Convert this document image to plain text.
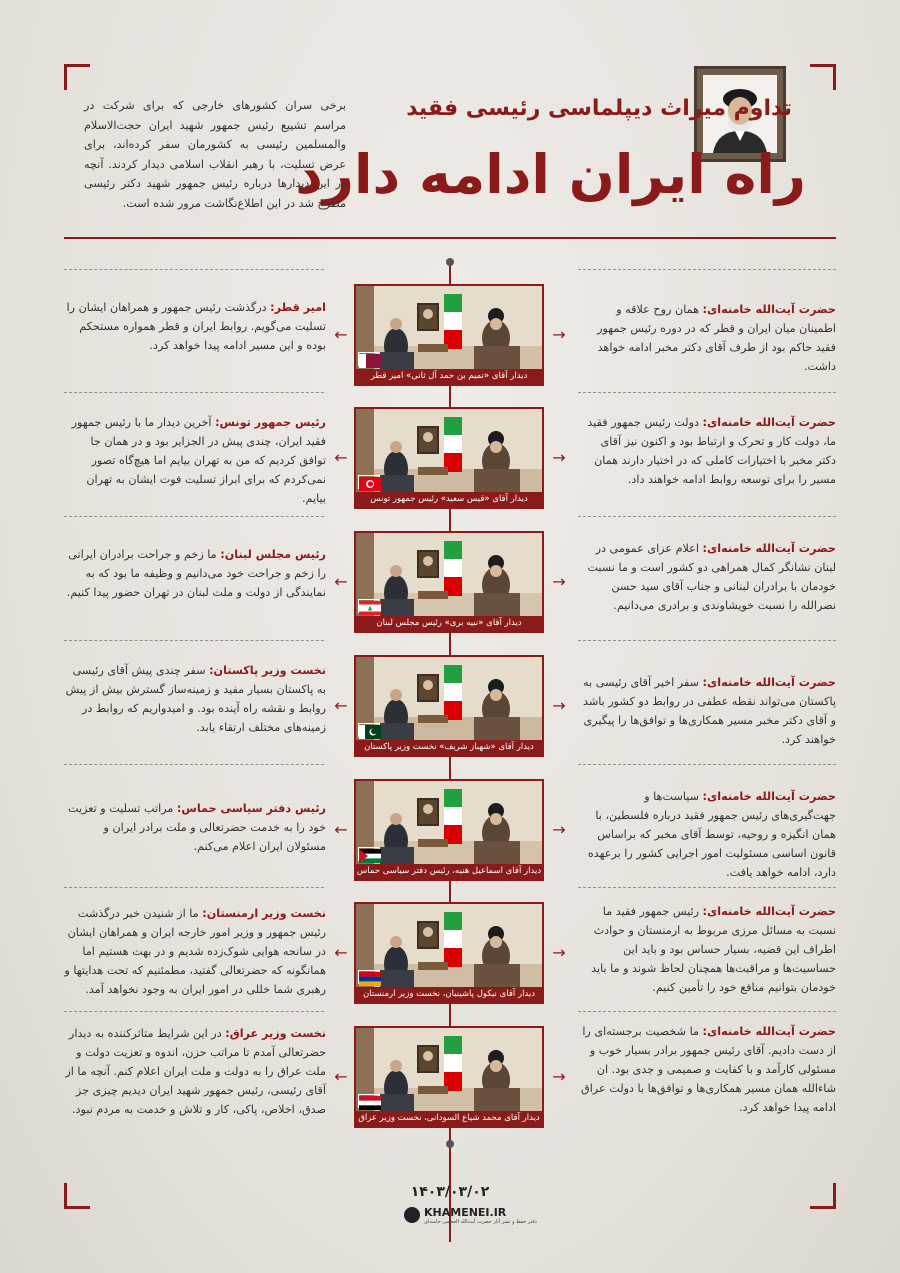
تداوم میراث دیپلماسی رئیسی فقید
راه ایران ادامه دارد
برخی سران کشورهای خارجی که برای شرکت در مراسم تشییع رئیس جمهور شهید ایران حجت‌الاسلام والمسلمین رئیسی به کشورمان سفر کرده‌اند، برای عرض تسلیت، با رهبر انقلاب اسلامی دیدار کردند. آنچه در این دیدارها درباره رئیس جمهور شهید دکتر رئیسی مطرح شد در این اطلاع‌نگاشت مرور شده است.
امیر قطر: درگذشت رئیس جمهور و همراهان ایشان را تسلیت می‌گویم. روابط ایران و قطر همواره مستحکم بوده و این مسیر ادامه پیدا خواهد کرد.
←
دیدار آقای «تمیم بن حمد آل ثانی» امیر قطر
→
حضرت آیت‌الله خامنه‌ای: همان روح علاقه و اطمینان میان ایران و قطر که در دوره رئیس جمهور فقید حاکم بود از طرف آقای دکتر مخبر ادامه خواهد داشت.
رئیس جمهور تونس: آخرین دیدار ما با رئیس جمهور فقید ایران، چندی پیش در الجزایر بود و در همان جا توافق کردیم که من به تهران بیایم اما هیچ‌گاه تصور نمی‌کردم که برای ابراز تسلیت فوت ایشان به تهران بیایم.
←
دیدار آقای «قیس سعید» رئیس جمهور تونس
→
حضرت آیت‌الله خامنه‌ای: دولت رئیس جمهور فقید ما، دولت کار و تحرک و ارتباط بود و اکنون نیز آقای دکتر مخبر با اختیارات کاملی که در اختیار دارند همان مسیر را برای توسعه روابط ادامه خواهند داد.
رئیس مجلس لبنان: ما زخم و جراحت برادران ایرانی را زخم و جراحت خود می‌دانیم و وظیفه ما بود که به نمایندگی از دولت و ملت لبنان در تهران حضور پیدا کنیم.
←
دیدار آقای «نبیه بری» رئیس مجلس لبنان
→
حضرت آیت‌الله خامنه‌ای: اعلام عزای عمومی در لبنان نشانگر کمال همراهی دو کشور است و ما نسبت خودمان با برادران لبنانی و جناب آقای سید حسن نصرالله را نسبت خویشاوندی و برادری می‌دانیم.
نخست وزیر پاکستان: سفر چندی پیش آقای رئیسی به پاکستان بسیار مفید و زمینه‌ساز گسترش بیش از پیش روابط و نقشه راه آینده بود. و امیدواریم که روابط در زمینه‌های مختلف ارتقاء یابد.
←
دیدار آقای «شهباز شریف» نخست وزیر پاکستان
→
حضرت آیت‌الله خامنه‌ای: سفر اخیر آقای رئیسی به پاکستان می‌تواند نقطه عطفی در روابط دو کشور باشد و آقای دکتر مخبر مسیر همکاری‌ها و توافق‌ها را پیگیری خواهند کرد.
رئیس دفتر سیاسی حماس: مراتب تسلیت و تعزیت خود را به خدمت حضرتعالی و ملت برادر ایران و مسئولان ایران اعلام می‌کنم.
←
دیدار آقای اسماعیل هنیه، رئیس دفتر سیاسی حماس
→
حضرت آیت‌الله خامنه‌ای: سیاست‌ها و جهت‌گیری‌های رئیس جمهور فقید درباره فلسطین، با همان انگیزه و روحیه، توسط آقای مخبر که براساس قانون اساسی مسئولیت امور اجرایی کشور را برعهده دارد، ادامه خواهد یافت.
نخست وزیر ارمنستان: ما از شنیدن خبر درگذشت رئیس جمهور و وزیر امور خارجه ایران و همراهان ایشان در سانحه هوایی شوک‌زده شدیم و در بهت هستیم اما همانگونه که حضرتعالی گفتید، مطمئنیم که تحت هدایتها و رهبری شما خللی در امور ایران به وجود نخواهد آمد.
←
دیدار آقای نیکول پاشینیان، نخست وزیر ارمنستان
→
حضرت آیت‌الله خامنه‌ای: رئیس جمهور فقید ما نسبت به مسائل مرزی مربوط به ارمنستان و حوادث اطراف این قضیه، بسیار حساس بود و باید این حساسیت‌ها و مراقبت‌ها همچنان لحاظ شوند و ما باید خودمان بتوانیم منافع خود را تأمین کنیم.
نخست وزیر عراق: در این شرایط متاثرکننده به دیدار حضرتعالی آمدم تا مراتب حزن، اندوه و تعزیت دولت و ملت عراق را به دولت و ملت ایران اعلام کنم. آنچه ما از آقای رئیسی، رئیس جمهور شهید ایران دیدیم چیزی جز صدق، اخلاص، پاکی، کار و تلاش و خدمت به مردم نبود.
←
دیدار آقای محمد شیاع السودانی، نخست وزیر عراق
→
حضرت آیت‌الله خامنه‌ای: ما شخصیت برجسته‌ای را از دست دادیم. آقای رئیس جمهور برادر بسیار خوب و مسئولی کارآمد و با کفایت و صمیمی و جدی بود. ان شاءالله همان مسیر همکاری‌ها و توافق‌ها با دولت عراق ادامه پیدا خواهد کرد.
۱۴۰۳/۰۳/۰۲
KHAMENEI.IR
دفتر حفظ و نشر آثار حضرت آیت‌الله العظمی خامنه‌ای
